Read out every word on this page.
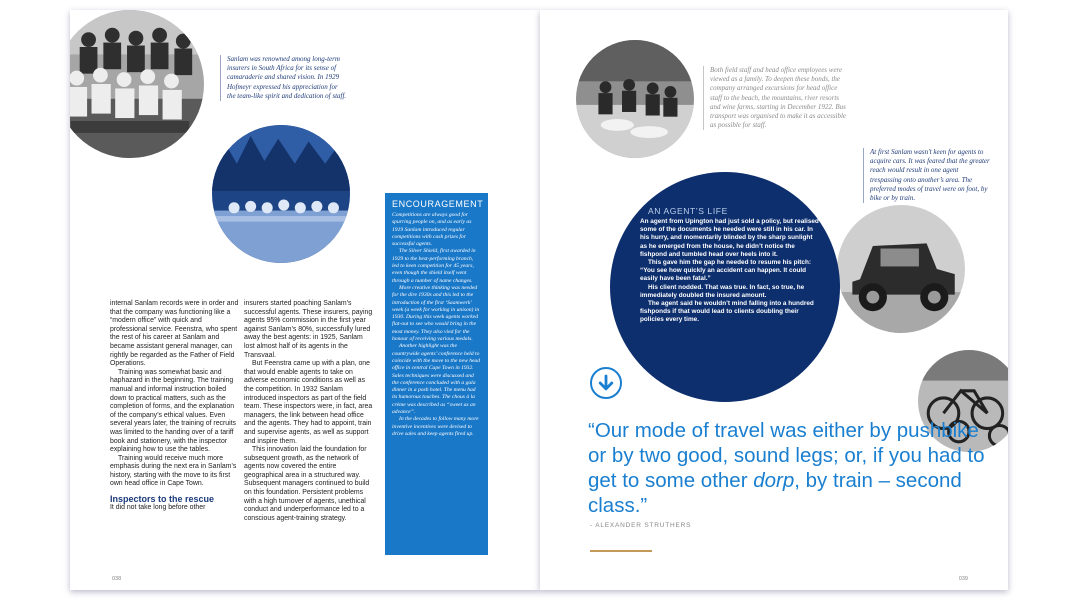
Sanlam was renowned among long-term insurers in South Africa for its sense of camaraderie and shared vision. In 1929 Hofmeyr expressed his appreciation for the team-like spirit and dedication of staff.

internal Sanlam records were in order and that the company was functioning like a “modern office” with quick and professional service. Feenstra, who spent the rest of his career at Sanlam and became assistant general manager, can rightly be regarded as the Father of Field Operations.

Training was somewhat basic and haphazard in the beginning. The training manual and informal instruction boiled down to practical matters, such as the completion of forms, and the explanation of the company’s ethical values. Even several years later, the training of recruits was limited to the handing over of a tariff book and stationery, with the inspector explaining how to use the tables.

Training would receive much more emphasis during the next era in Sanlam’s history, starting with the move to its first own head office in Cape Town.

Inspectors to the rescue

It did not take long before other

insurers started poaching Sanlam’s successful agents. These insurers, paying agents 95% commission in the first year against Sanlam’s 80%, successfully lured away the best agents: in 1925, Sanlam lost almost half of its agents in the Transvaal.

But Feenstra came up with a plan, one that would enable agents to take on adverse economic conditions as well as the competition. In 1932 Sanlam introduced inspectors as part of the field team. These inspectors were, in fact, area managers, the link between head office and the agents. They had to appoint, train and supervise agents, as well as support and inspire them.

This innovation laid the foundation for subsequent growth, as the network of agents now covered the entire geographical area in a structured way. Subsequent managers continued to build on this foundation. Persistent problems with a high turnover of agents, unethical conduct and underperformance led to a conscious agent-training strategy.

ENCOURAGEMENT

Competitions are always good for spurring people on, and as early as 1919 Sanlam introduced regular competitions with cash prizes for successful agents.

The Silver Shield, first awarded in 1929 to the best-performing branch, led to keen competition for 45 years, even though the shield itself went through a number of name changes.

More creative thinking was needed for the dire 1930s and this led to the introduction of the first ‘Saamwerk’ week (a week for working in unison) in 1930. During this week agents worked flat-out to see who would bring in the most money. They also vied for the honour of receiving various medals.

Another highlight was the countrywide agents’ conference held to coincide with the move to the new head office in central Cape Town in 1932. Sales techniques were discussed and the conference concluded with a gala dinner in a posh hotel. The menu had its humorous touches. The chous à la crème was described as “sweet as an advance”.

In the decades to follow many more inventive incentives were devised to drive sales and keep agents fired up.

038

Both field staff and head office employees were viewed as a family. To deepen these bonds, the company arranged excursions for head office staff to the beach, the mountains, river resorts and wine farms, starting in December 1922. Bus transport was organised to make it as accessible as possible for staff.

At first Sanlam wasn’t keen for agents to acquire cars. It was feared that the greater reach would result in one agent trespassing onto another’s area. The preferred modes of travel were on foot, by bike or by train.

AN AGENT’S LIFE

An agent from Upington had just sold a policy, but realised some of the documents he needed were still in his car. In his hurry, and momentarily blinded by the sharp sunlight as he emerged from the house, he didn’t notice the fishpond and tumbled head over heels into it.

This gave him the gap he needed to resume his pitch: “You see how quickly an accident can happen. It could easily have been fatal.”

His client nodded. That was true. In fact, so true, he immediately doubled the insured amount.

The agent said he wouldn’t mind falling into a hundred fishponds if that would lead to clients doubling their policies every time.

“Our mode of travel was either by pushbike or by two good, sound legs; or, if you had to get to some other dorp, by train – second class.”

- ALEXANDER STRUTHERS
039
